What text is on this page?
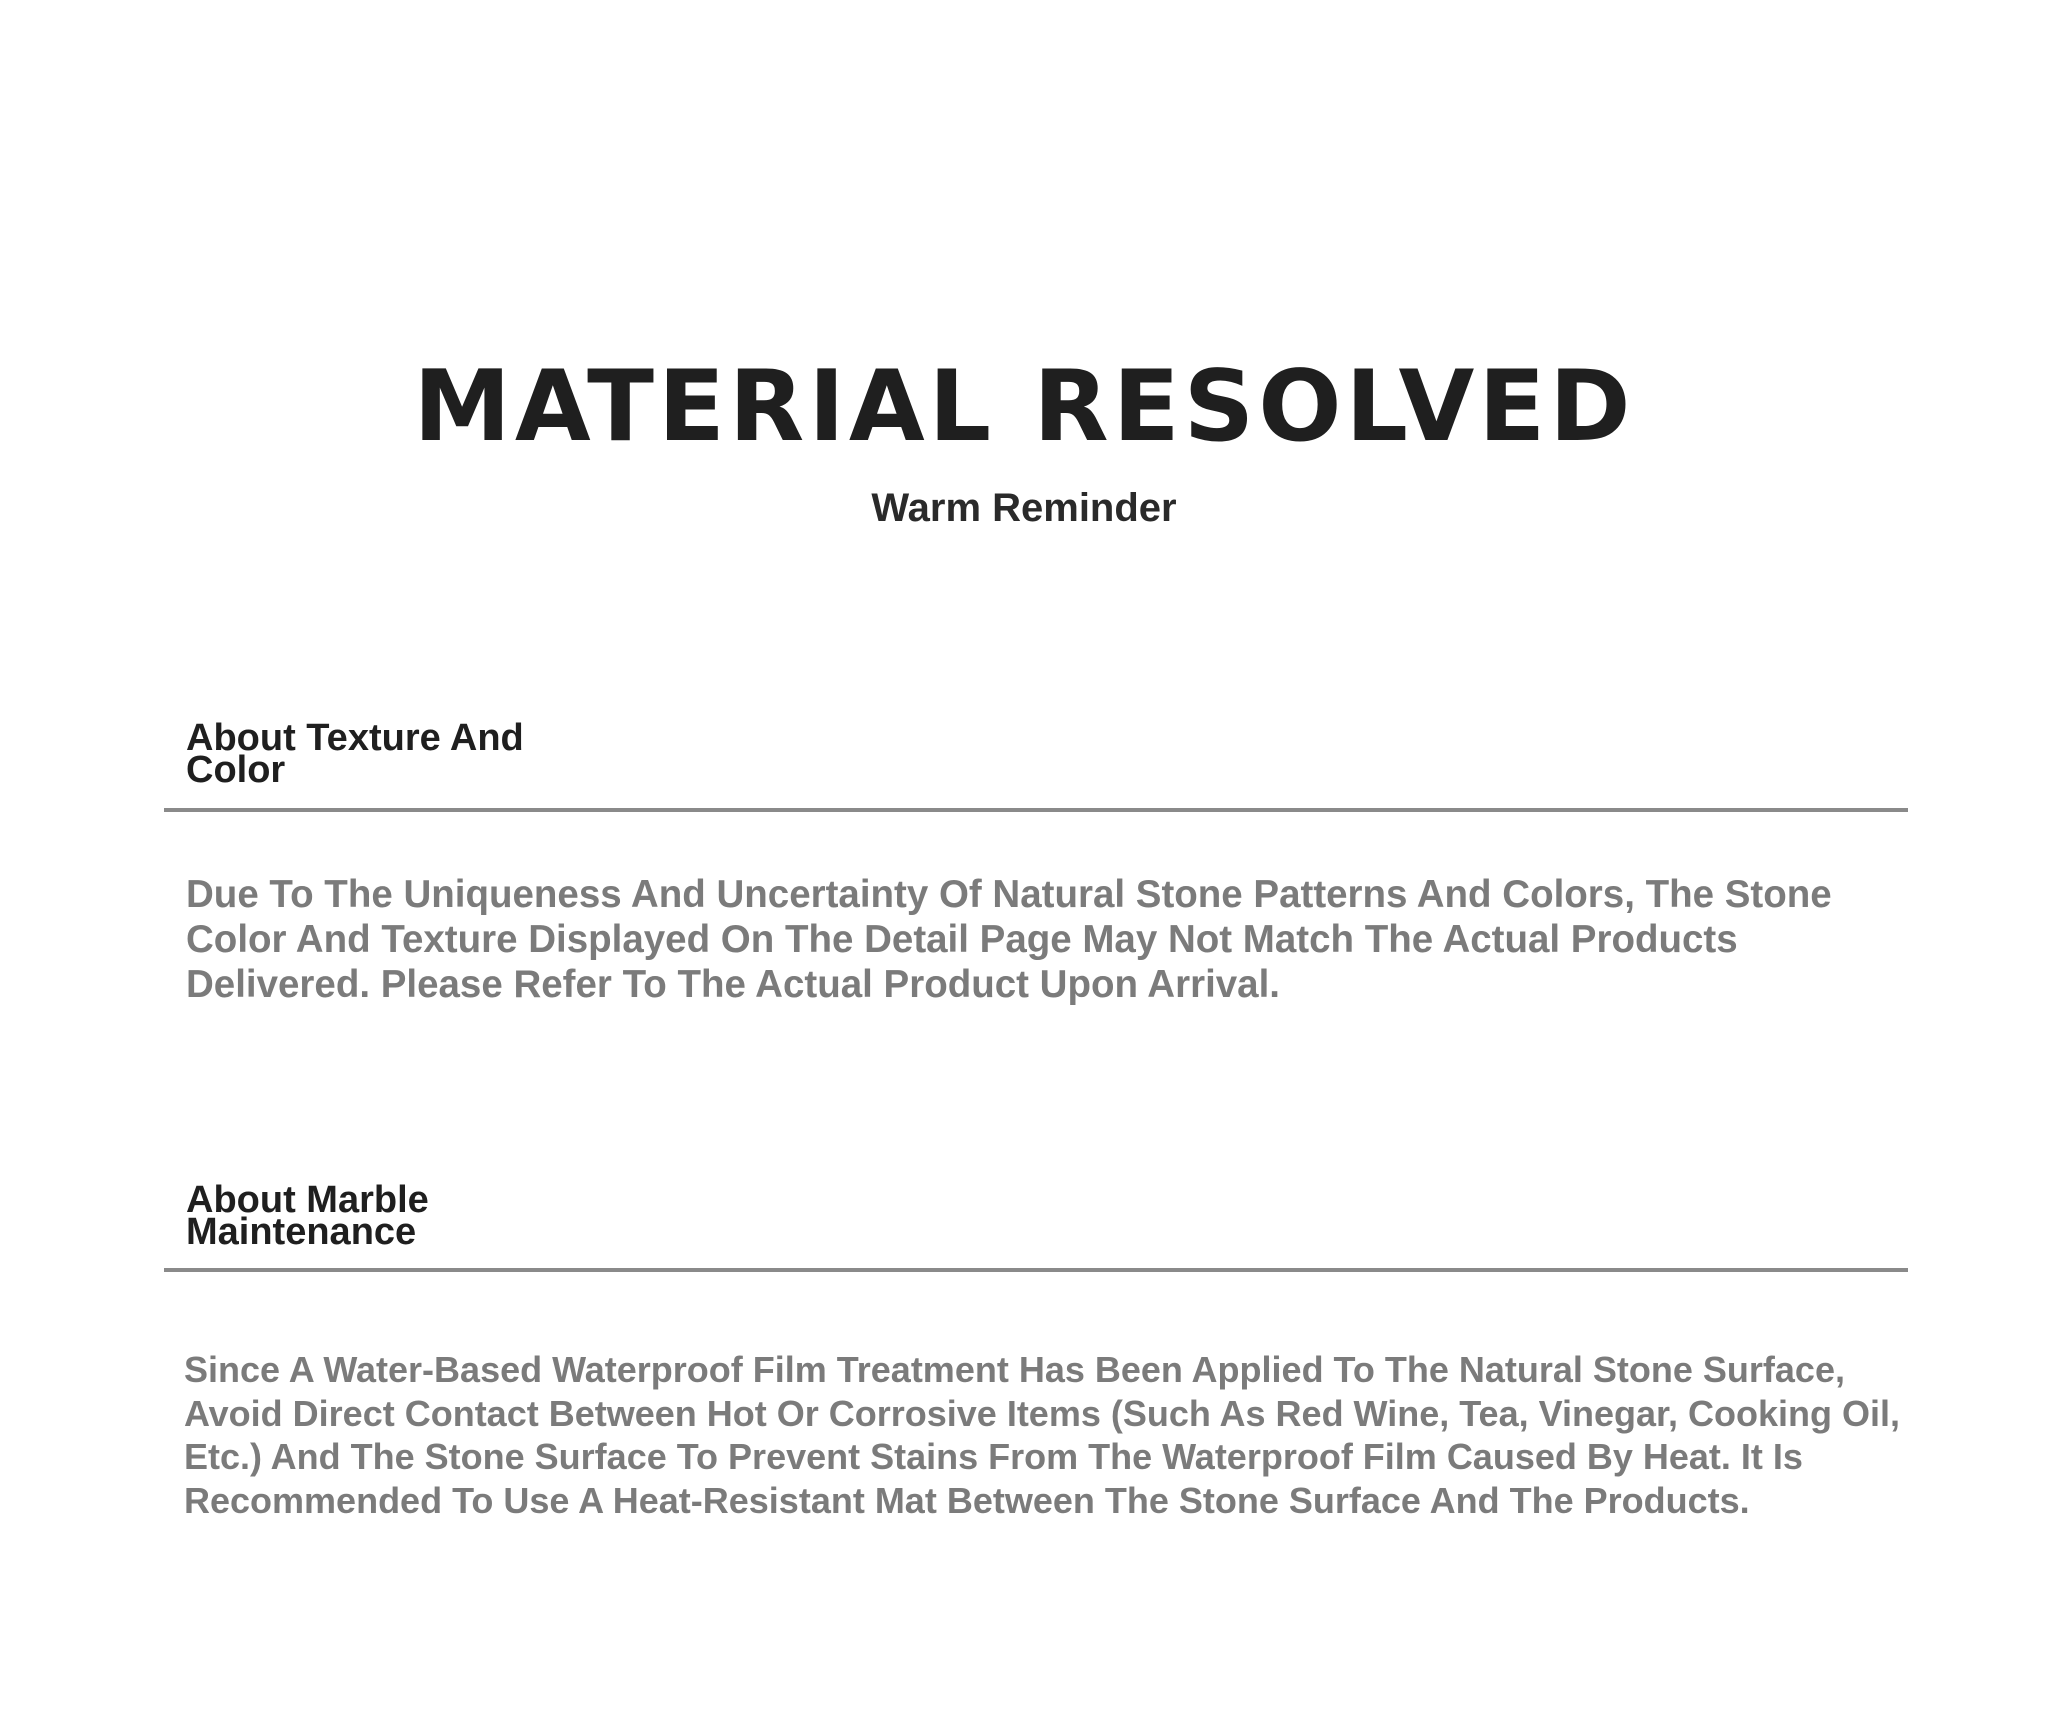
MATERIAL RESOLVED
Warm Reminder
About Texture And Color

Due To The Uniqueness And Uncertainty Of Natural Stone Patterns And Colors, The Stone Color And Texture Displayed On The Detail Page May Not Match The Actual Products Delivered. Please Refer To The Actual Product Upon Arrival.

About Marble Maintenance

Since A Water-Based Waterproof Film Treatment Has Been Applied To The Natural Stone Surface, Avoid Direct Contact Between Hot Or Corrosive Items (Such As Red Wine, Tea, Vinegar, Cooking Oil, Etc.) And The Stone Surface To Prevent Stains From The Waterproof Film Caused By Heat. It Is Recommended To Use A Heat-Resistant Mat Between The Stone Surface And The Products.
